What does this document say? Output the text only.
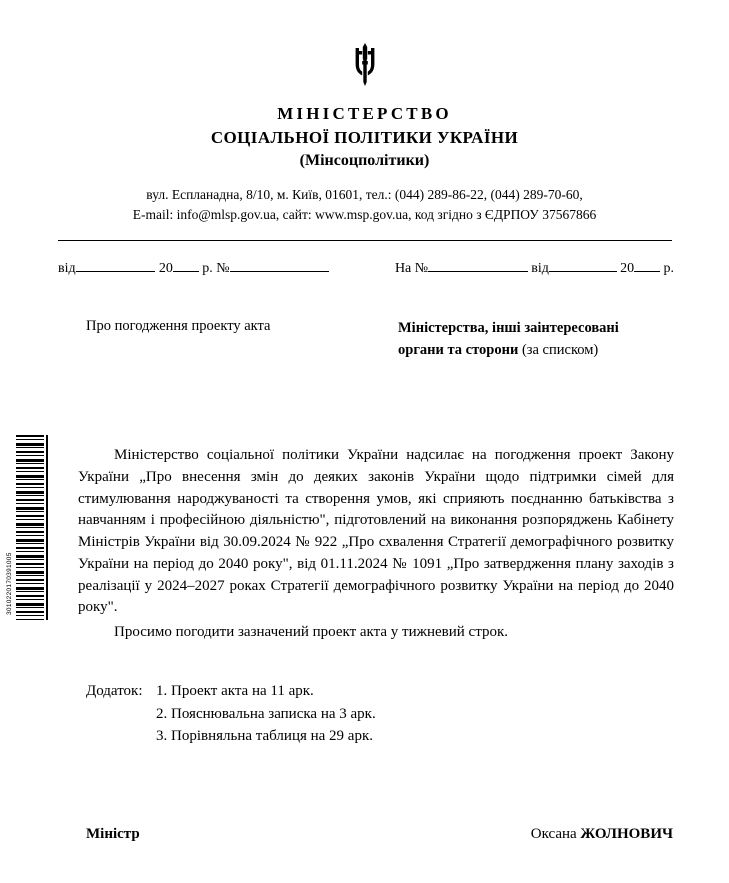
МІНІСТЕРСТВО
СОЦІАЛЬНОЇ ПОЛІТИКИ УКРАЇНИ
(Мінсоцполітики)
вул. Еспланадна, 8/10, м. Київ, 01601, тел.: (044) 289-86-22, (044) 289-70-60,
E-mail: info@mlsp.gov.ua, сайт: www.msp.gov.ua, код згідно з ЄДРПОУ 37567866
від
	20
р. №	На №
	від
	20
р.
Про погодження проекту акта	Міністерства, інші заінтересовані
органи та сторони (за списком)
3010220170391005

Міністерство соціальної політики України надсилає на погодження проект Закону України „Про внесення змін до деяких законів України щодо підтримки сімей для стимулювання народжуваності та створення умов, які сприяють поєднанню батьківства з навчанням і професійною діяльністю", підготовлений на виконання розпоряджень Кабінету Міністрів України від 30.09.2024 № 922 „Про схвалення Стратегії демографічного розвитку України на період до 2040 року", від 01.11.2024 № 1091 „Про затвердження плану заходів з реалізації у 2024–2027 роках Стратегії демографічного розвитку України на період до 2040 року".

Просимо погодити зазначений проект акта у тижневий строк.

Додаток: 1. Проект акта на 11 арк.
2. Пояснювальна записка на 3 арк.
3. Порівняльна таблиця на 29 арк.
Міністр	Оксана ЖОЛНОВИЧ
